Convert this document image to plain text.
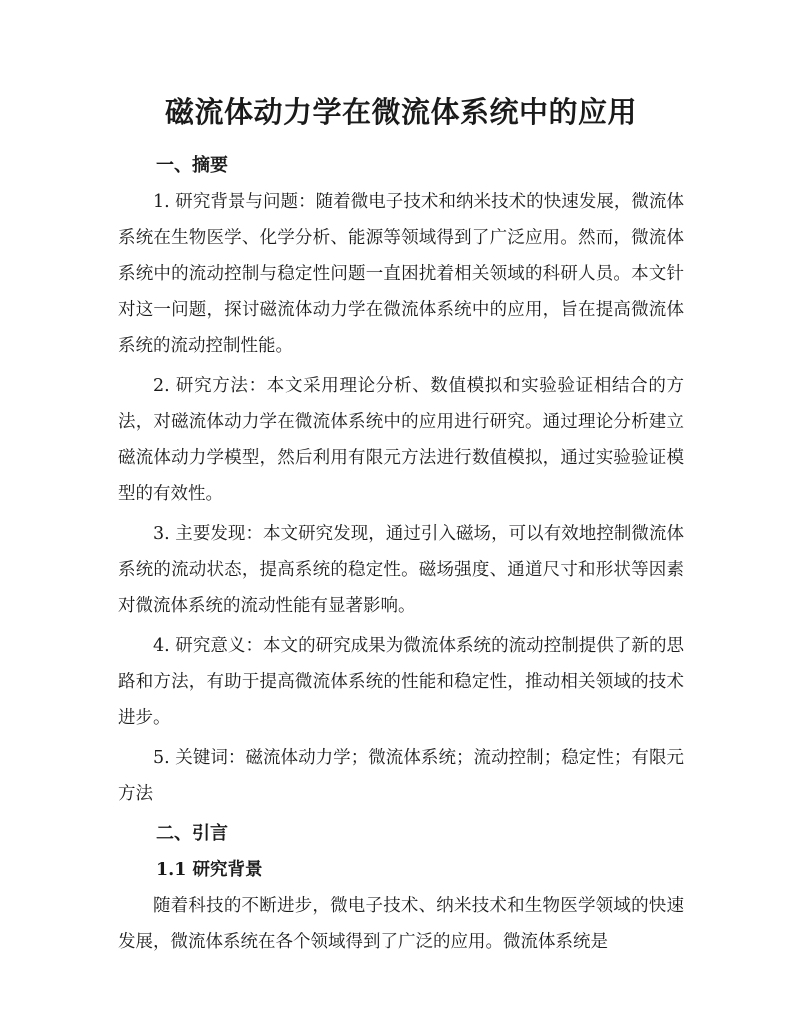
磁流体动力学在微流体系统中的应用
一、摘要

1. 研究背景与问题：随着微电子技术和纳米技术的快速发展，微流体系统在生物医学、化学分析、能源等领域得到了广泛应用。然而，微流体系统中的流动控制与稳定性问题一直困扰着相关领域的科研人员。本文针对这一问题，探讨磁流体动力学在微流体系统中的应用，旨在提高微流体系统的流动控制性能。

2. 研究方法：本文采用理论分析、数值模拟和实验验证相结合的方法，对磁流体动力学在微流体系统中的应用进行研究。通过理论分析建立磁流体动力学模型，然后利用有限元方法进行数值模拟，通过实验验证模型的有效性。

3. 主要发现：本文研究发现，通过引入磁场，可以有效地控制微流体系统的流动状态，提高系统的稳定性。磁场强度、通道尺寸和形状等因素对微流体系统的流动性能有显著影响。

4. 研究意义：本文的研究成果为微流体系统的流动控制提供了新的思路和方法，有助于提高微流体系统的性能和稳定性，推动相关领域的技术进步。

5. 关键词：磁流体动力学；微流体系统；流动控制；稳定性；有限元方法

二、引言
1.1 研究背景

随着科技的不断进步，微电子技术、纳米技术和生物医学领域的快速发展，微流体系统在各个领域得到了广泛的应用。微流体系统是
